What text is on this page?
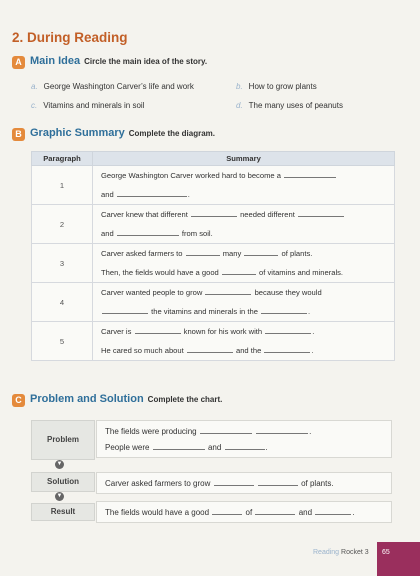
2. During Reading
A Main Idea Circle the main idea of the story.
a. George Washington Carver’s life and work	b. How to grow plants
c. Vitamins and minerals in soil	d. The many uses of peanuts
B Graphic Summary Complete the diagram.
Paragraph	Summary
1	George Washington Carver worked hard to become a
and .

2	Carver knew that different needed different
and from soil.

3	Carver asked farmers to many of plants.
Then, the fields would have a good of vitamins and minerals.

4	Carver wanted people to grow because they would
the vitamins and minerals in the .

5	Carver is known for his work with .
He cared so much about and the .
C Problem and Solution Complete the chart.
Problem
The fields were producing	.
People were	and	.
▼
Solution	Carver asked farmers to grow	of plants.
▼
Result	The fields would have a good	of	and	.
Reading Rocket 3 65
